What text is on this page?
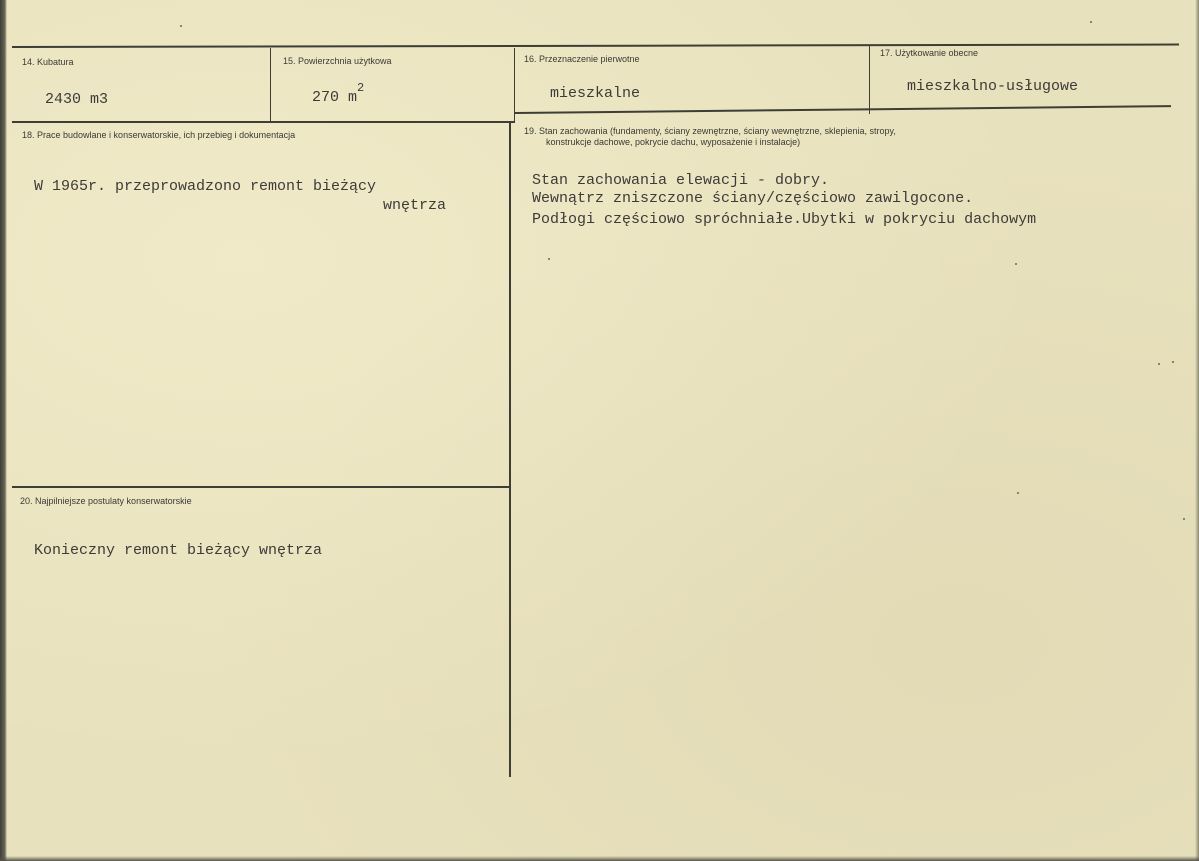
14. Kubatura
2430 m3
15. Powierzchnia użytkowa
270 $m^2$
16. Przeznaczenie pierwotne
mieszkalne
17. Użytkowanie obecne
mieszkalno-usługowe
18. Prace budowlane i konserwatorskie, ich przebieg i dokumentacja
W 1965r. przeprowadzono remont bieżący
wnętrza
19. Stan zachowania (fundamenty, ściany zewnętrzne, ściany wewnętrzne, sklepienia, stropy,
konstrukcje dachowe, pokrycie dachu, wyposażenie i instalacje)
Stan zachowania elewacji - dobry.
Wewnątrz zniszczone ściany/częściowo zawilgocone.
Podłogi częściowo spróchniałe.Ubytki w pokryciu dachowym
20. Najpilniejsze postulaty konserwatorskie
Konieczny remont bieżący wnętrza
